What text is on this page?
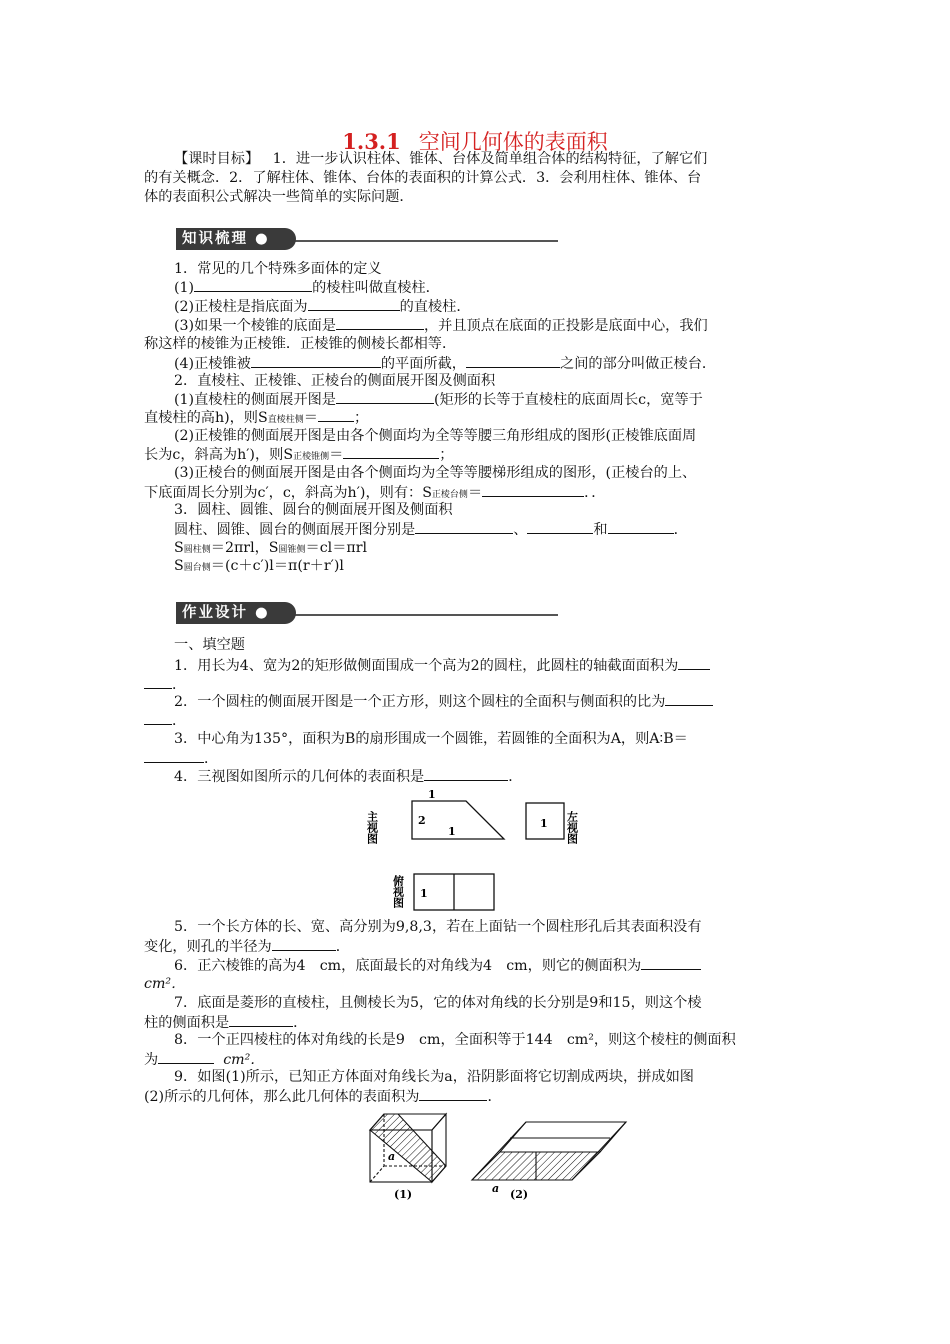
1.3.1 空间几何体的表面积
【课时目标】 1．进一步认识柱体、锥体、台体及简单组合体的结构特征，了解它们
的有关概念．2．了解柱体、锥体、台体的表面积的计算公式．3．会利用柱体、锥体、台
体的表面积公式解决一些简单的实际问题．
知识梳理 ●
1．常见的几个特殊多面体的定义
(1)	的棱柱叫做直棱柱．
(2)正棱柱是指底面为	的直棱柱．
(3)如果一个棱锥的底面是	，并且顶点在底面的正投影是底面中心，我们
称这样的棱锥为正棱锥．正棱锥的侧棱长都相等．
(4)正棱锥被	的平面所截，	之间的部分叫做正棱台．
2．直棱柱、正棱锥、正棱台的侧面展开图及侧面积
(1)直棱柱的侧面展开图是	(矩形的长等于直棱柱的底面周长c，宽等于
直棱柱的高h)，则S直棱柱侧＝	；
(2)正棱锥的侧面展开图是由各个侧面均为全等等腰三角形组成的图形(正棱锥底面周
长为c，斜高为h′)，则S正棱锥侧＝	；
(3)正棱台的侧面展开图是由各个侧面均为全等等腰梯形组成的图形，(正棱台的上、
下底面周长分别为c′，c，斜高为h′)，则有：S正棱台侧＝	．．
3．圆柱、圆锥、圆台的侧面展开图及侧面积
圆柱、圆锥、圆台的侧面展开图分别是	、	和	．
S圆柱侧＝2πrl，S圆锥侧＝cl＝πrl
S圆台侧＝(c＋c′)l＝π(r＋r′)l
作业设计 ●
一、填空题
1．用长为4、宽为2的矩形做侧面围成一个高为2的圆柱，此圆柱的轴截面面积为
．
2．一个圆柱的侧面展开图是一个正方形，则这个圆柱的全面积与侧面积的比为
．
3．中心角为135°，面积为B的扇形围成一个圆锥，若圆锥的全面积为A，则A∶B＝
．
4．三视图如图所示的几何体的表面积是	．
主视图
1
2
1
1 左视图
俯视图 1
5．一个长方体的长、宽、高分别为9,8,3，若在上面钻一个圆柱形孔后其表面积没有
变化，则孔的半径为	．
6．正六棱锥的高为4　cm，底面最长的对角线为4　cm，则它的侧面积为
cm²．
7．底面是菱形的直棱柱，且侧棱长为5，它的体对角线的长分别是9和15，则这个棱
柱的侧面积是	．
8．一个正四棱柱的体对角线的长是9　cm，全面积等于144　cm²，则这个棱柱的侧面积
为	cm².
9．如图(1)所示，已知正方体面对角线长为a，沿阴影面将它切割成两块，拼成如图
(2)所示的几何体，那么此几何体的表面积为	．
a
(1)	a (2)
